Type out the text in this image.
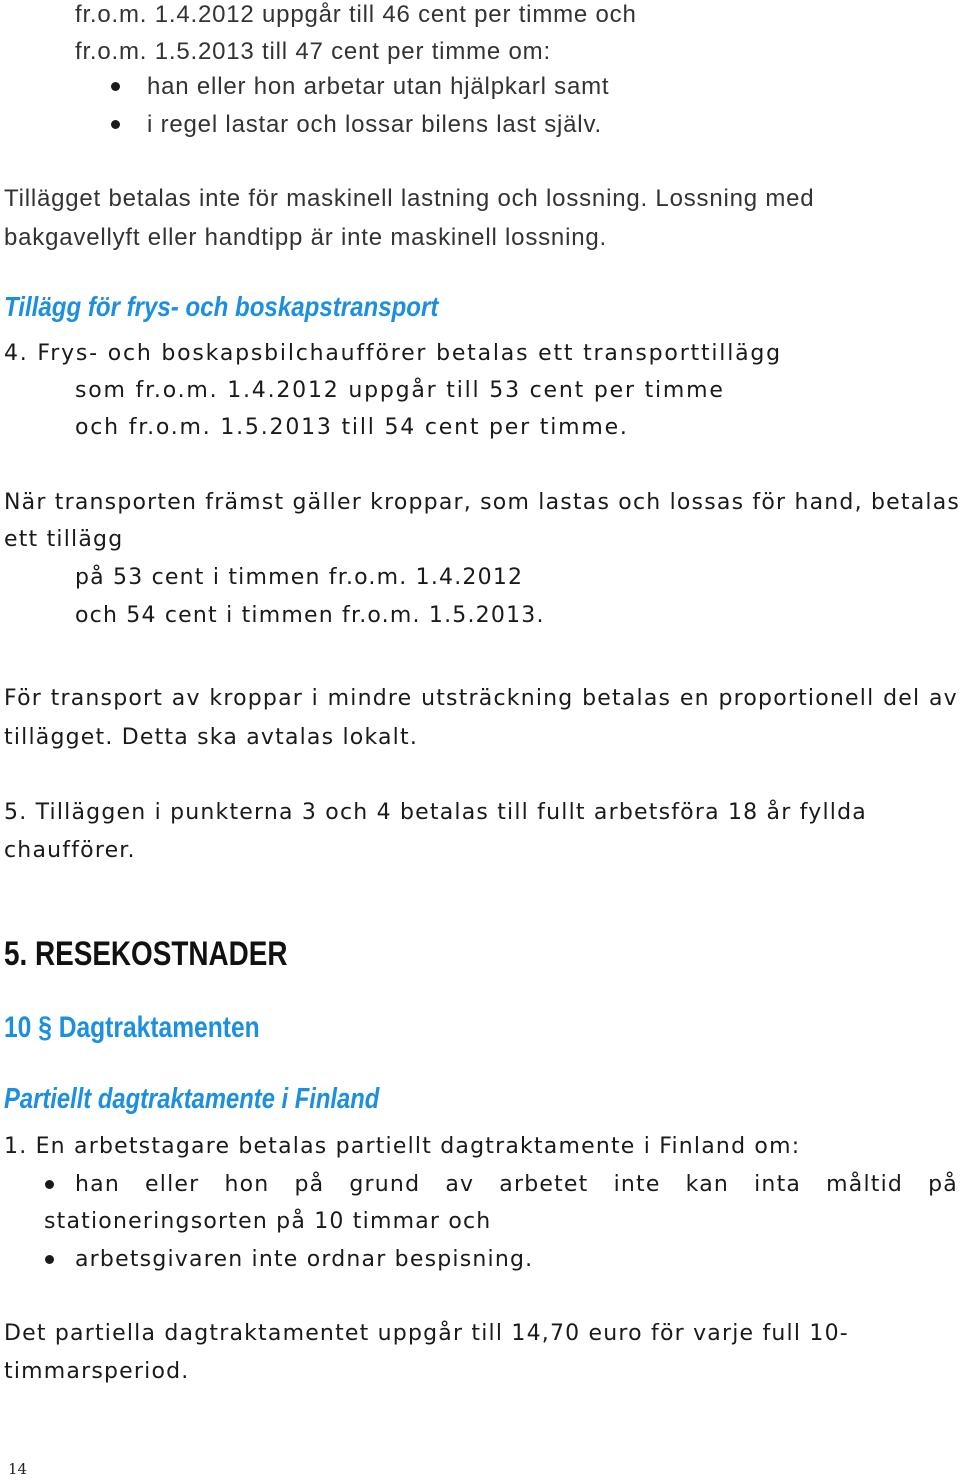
fr.o.m. 1.4.2012 uppgår till 46 cent per timme och
fr.o.m. 1.5.2013 till 47 cent per timme om:
han eller hon arbetar utan hjälpkarl samt
i regel lastar och lossar bilens last själv.
Tillägget betalas inte för maskinell lastning och lossning. Lossning med
bakgavellyft eller handtipp är inte maskinell lossning.
Tillägg för frys- och boskapstransport
4. Frys- och boskapsbilchaufförer betalas ett transporttillägg
som fr.o.m. 1.4.2012 uppgår till 53 cent per timme
och fr.o.m. 1.5.2013 till 54 cent per timme.
När transporten främst gäller kroppar, som lastas och lossas för hand, betalas
ett tillägg
på 53 cent i timmen fr.o.m. 1.4.2012
och 54 cent i timmen fr.o.m. 1.5.2013.
För transport av kroppar i mindre utsträckning betalas en proportionell del av
tillägget. Detta ska avtalas lokalt.
5. Tilläggen i punkterna 3 och 4 betalas till fullt arbetsföra 18 år fyllda
chaufförer.
5. RESEKOSTNADER
10 § Dagtraktamenten
Partiellt dagtraktamente i Finland
1. En arbetstagare betalas partiellt dagtraktamente i Finland om:
han eller hon på grund av arbetet inte kan inta måltid på
stationeringsorten på 10 timmar och
arbetsgivaren inte ordnar bespisning.
Det partiella dagtraktamentet uppgår till 14,70 euro för varje full 10-
timmarsperiod.
14
